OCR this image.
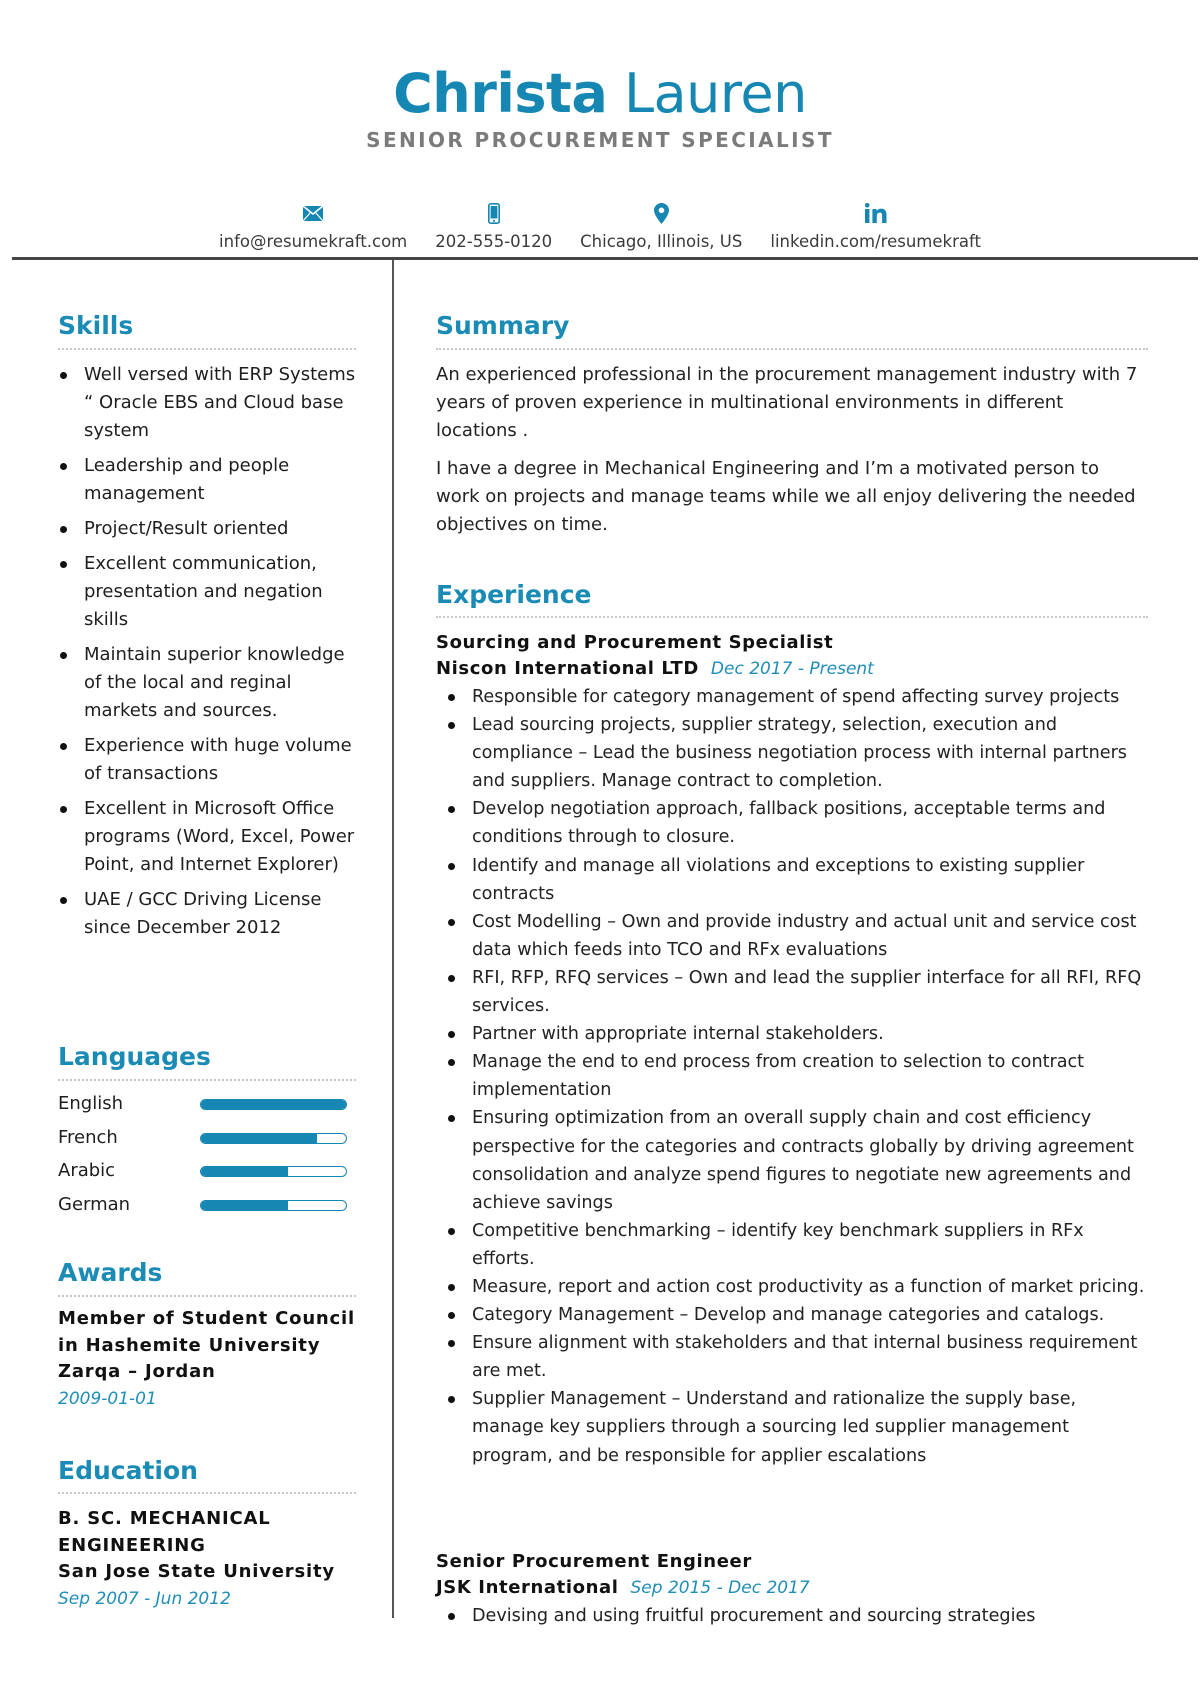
Christa Lauren
SENIOR PROCUREMENT SPECIALIST
info@resumekraft.com 202-555-0120 Chicago, Illinois, US linkedin.com/resumekraft
Skills
Well versed with ERP Systems “ Oracle EBS and Cloud base system
Leadership and people management
Project/Result oriented
Excellent communication, presentation and negation skills
Maintain superior knowledge of the local and reginal markets and sources.
Experience with huge volume of transactions
Excellent in Microsoft Office programs (Word, Excel, Power Point, and Internet Explorer)
UAE / GCC Driving License since December 2012
Languages
English
French
Arabic
German
Awards
Member of Student Council
in Hashemite University
Zarqa – Jordan
2009-01-01
Education
B. SC. MECHANICAL
ENGINEERING
San Jose State University
Sep 2007 - Jun 2012
Summary

An experienced professional in the procurement management industry with 7 years of proven experience in multinational environments in different locations .

I have a degree in Mechanical Engineering and I’m a motivated person to work on projects and manage teams while we all enjoy delivering the needed objectives on time.

Experience
Sourcing and Procurement Specialist
Niscon International LTD Dec 2017 - Present
Responsible for category management of spend affecting survey projects
Lead sourcing projects, supplier strategy, selection, execution and compliance – Lead the business negotiation process with internal partners and suppliers. Manage contract to completion.
Develop negotiation approach, fallback positions, acceptable terms and conditions through to closure.
Identify and manage all violations and exceptions to existing supplier contracts
Cost Modelling – Own and provide industry and actual unit and service cost data which feeds into TCO and RFx evaluations
RFI, RFP, RFQ services – Own and lead the supplier interface for all RFI, RFQ services.
Partner with appropriate internal stakeholders.
Manage the end to end process from creation to selection to contract implementation
Ensuring optimization from an overall supply chain and cost efficiency perspective for the categories and contracts globally by driving agreement consolidation and analyze spend figures to negotiate new agreements and achieve savings
Competitive benchmarking – identify key benchmark suppliers in RFx efforts.
Measure, report and action cost productivity as a function of market pricing.
Category Management – Develop and manage categories and catalogs.
Ensure alignment with stakeholders and that internal business requirement are met.
Supplier Management – Understand and rationalize the supply base, manage key suppliers through a sourcing led supplier management program, and be responsible for applier escalations
Senior Procurement Engineer
JSK International Sep 2015 - Dec 2017
Devising and using fruitful procurement and sourcing strategies
